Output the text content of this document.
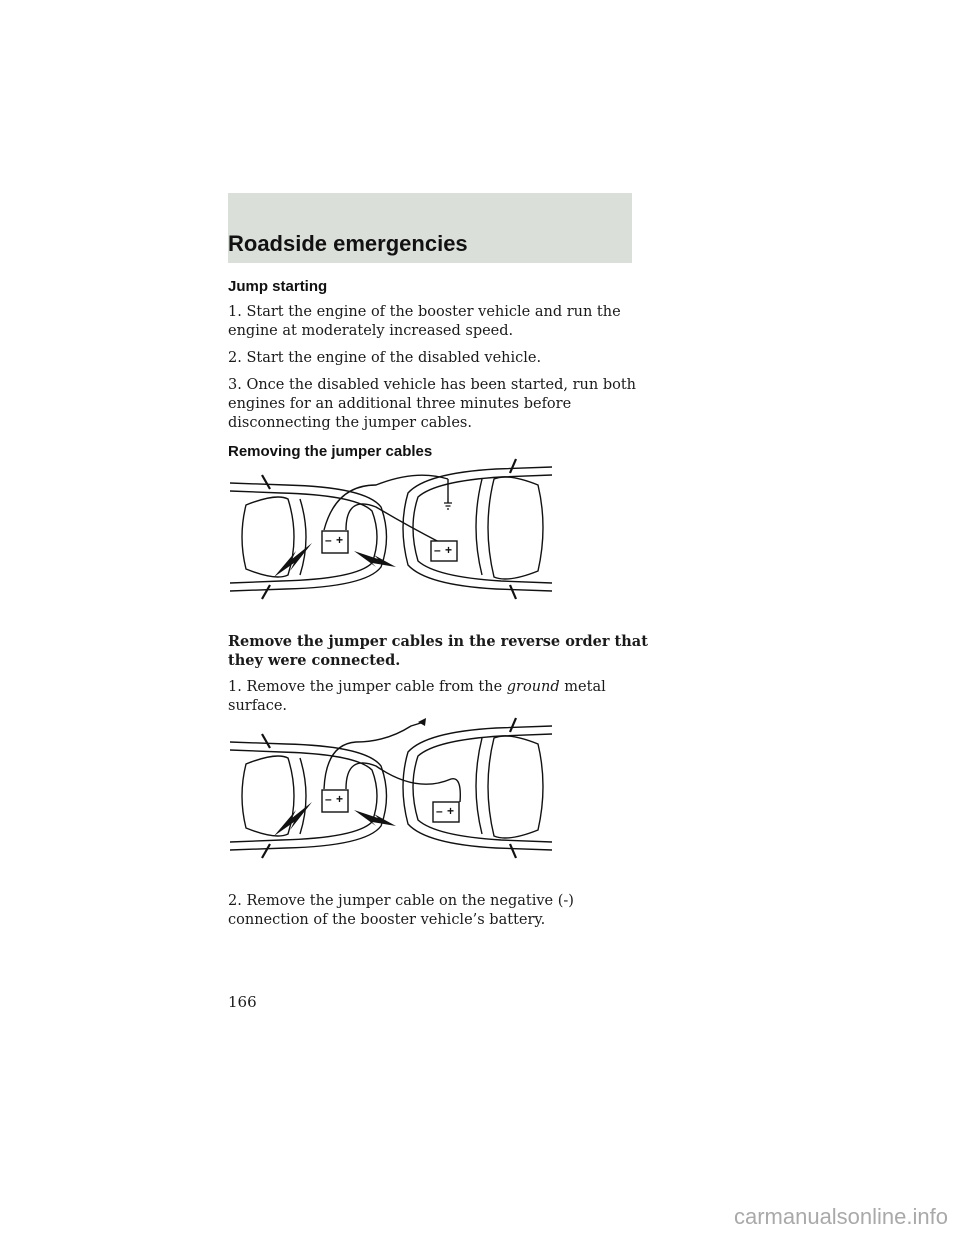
Roadside emergencies
Jump starting

1. Start the engine of the booster vehicle and run the engine at moderately increased speed.

2. Start the engine of the disabled vehicle.

3. Once the disabled vehicle has been started, run both engines for an additional three minutes before disconnecting the jumper cables.

Removing the jumper cables
– +
– +

Remove the jumper cables in the reverse order that they were connected.

1. Remove the jumper cable from the ground metal surface.

– +
– +

2. Remove the jumper cable on the negative (-) connection of the booster vehicle’s battery.

166
carmanualsonline.info
